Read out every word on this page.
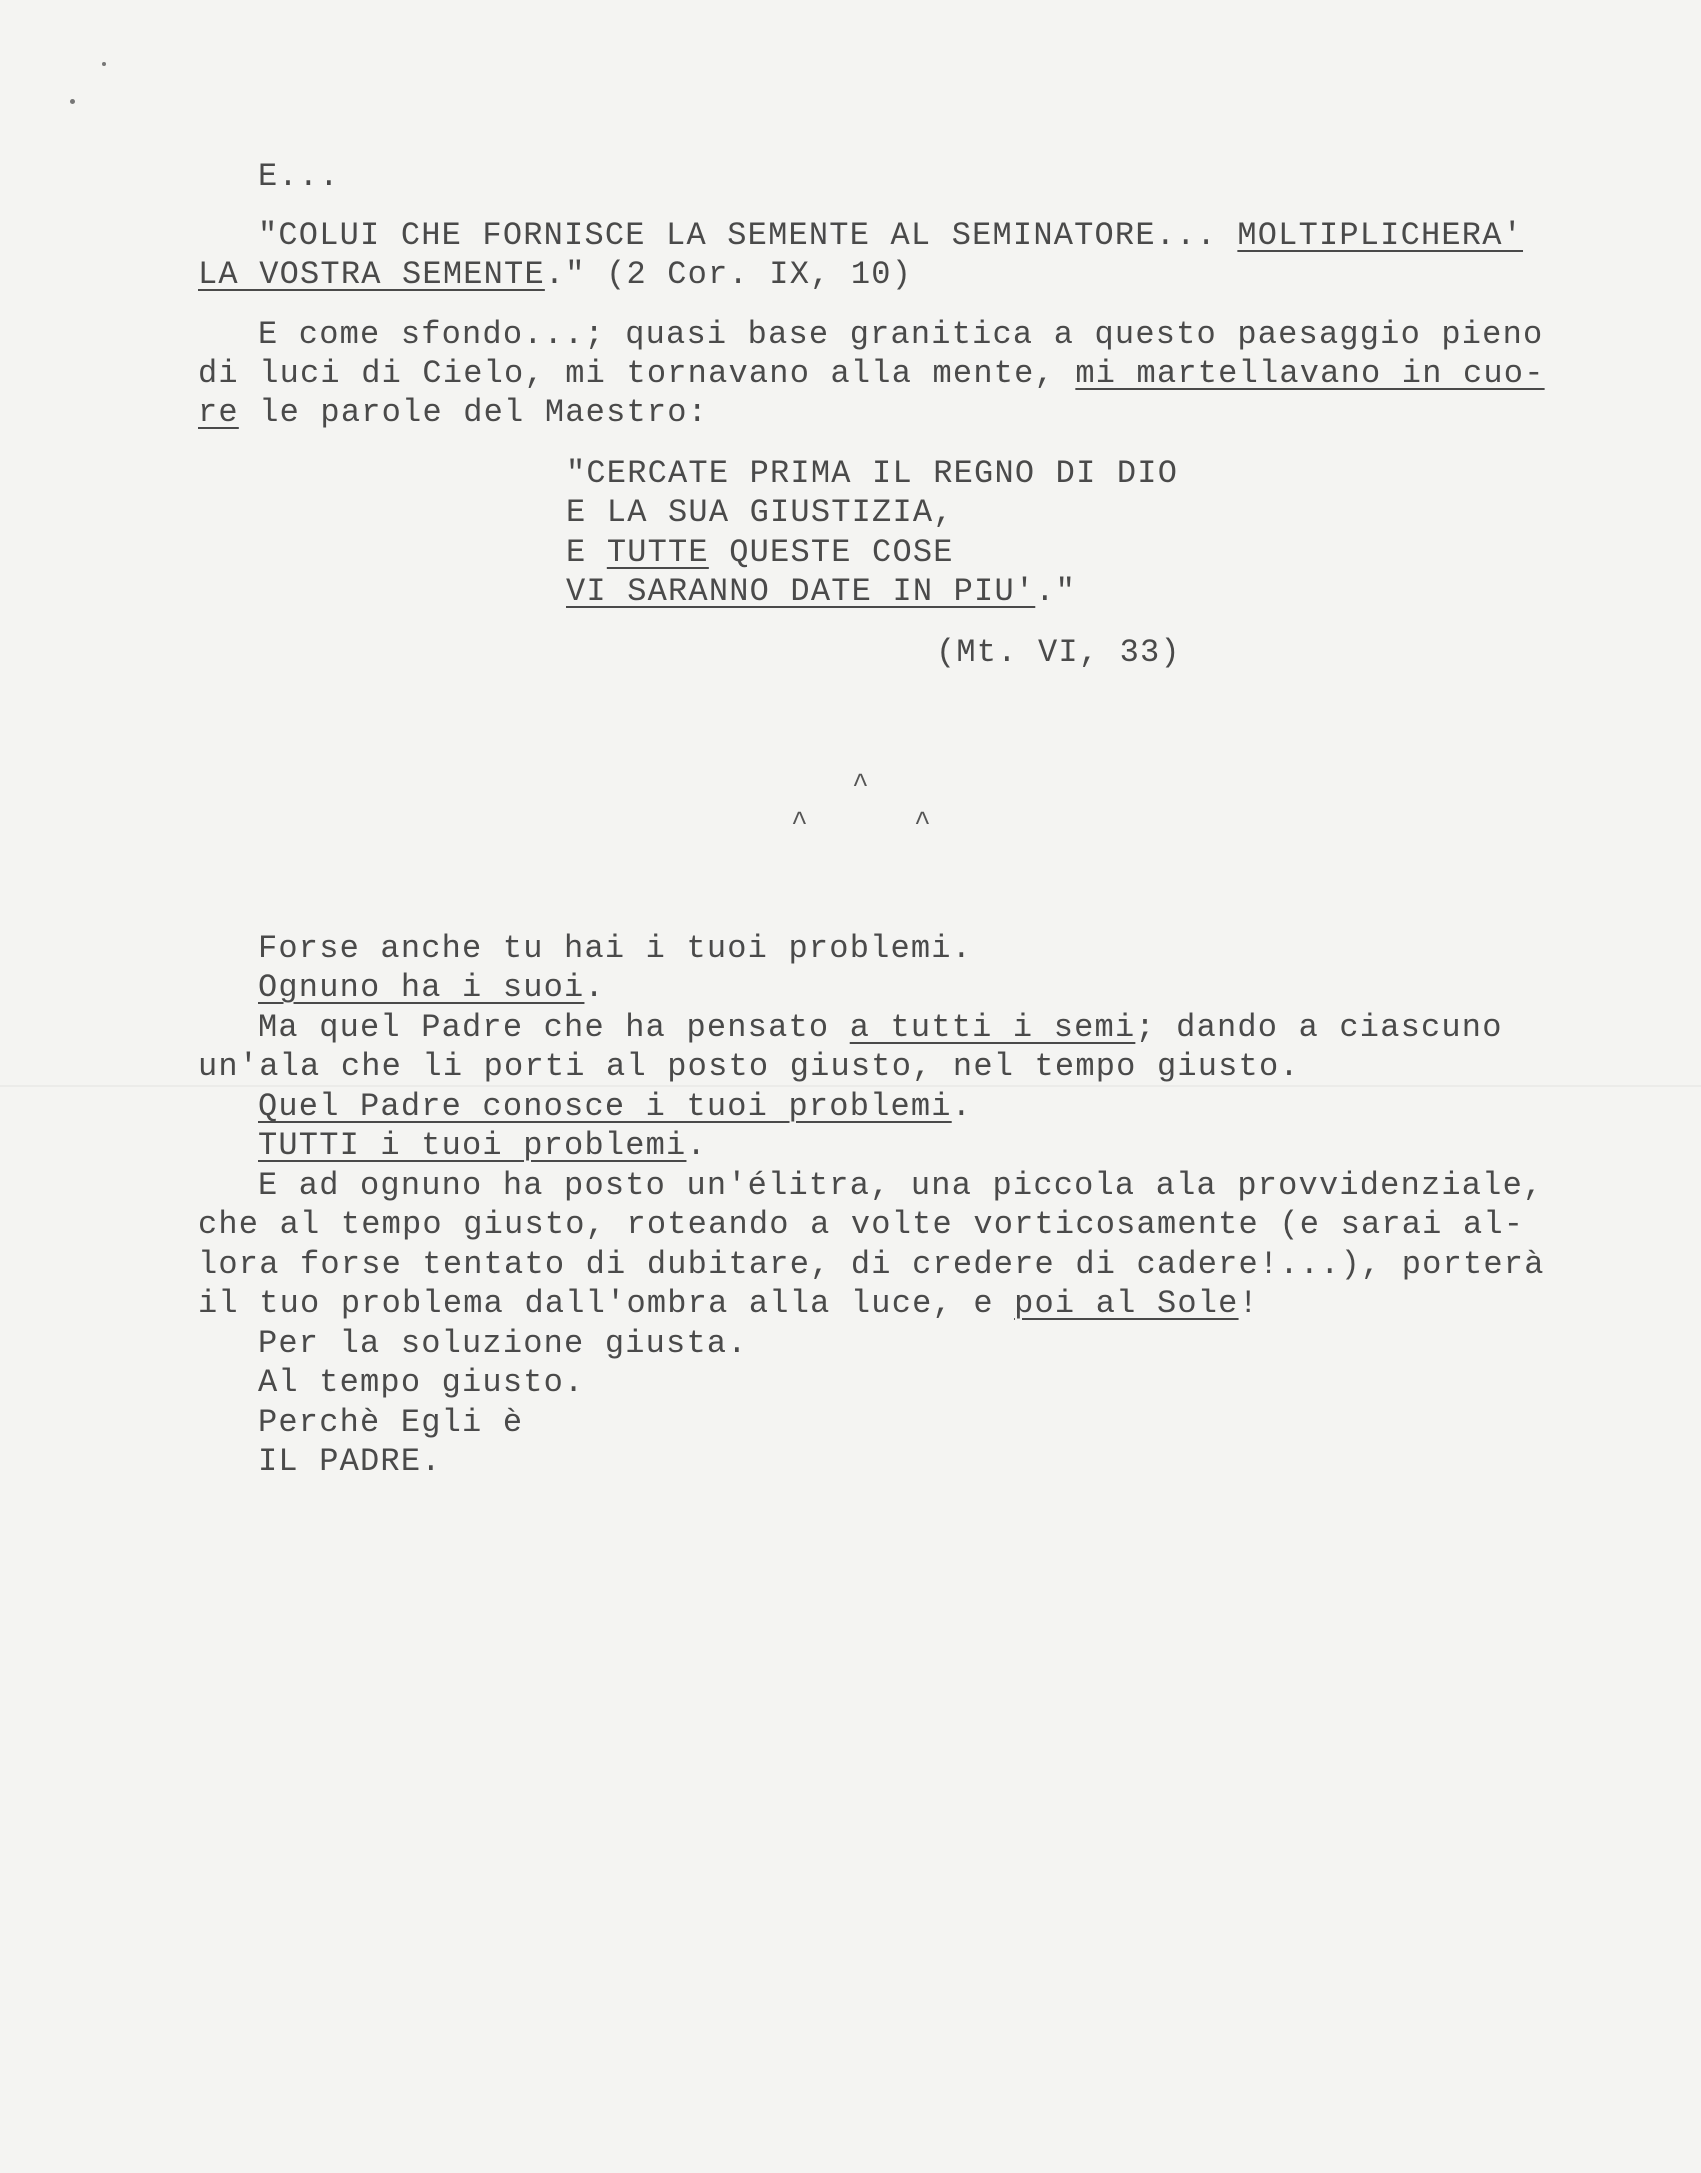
E...
"COLUI CHE FORNISCE LA SEMENTE AL SEMINATORE... MOLTIPLICHERA'
LA VOSTRA SEMENTE." (2 Cor. IX, 10)
E come sfondo...; quasi base granitica a questo paesaggio pieno
di luci di Cielo, mi tornavano alla mente, mi martellavano in cuo-
re le parole del Maestro:
"CERCATE PRIMA IL REGNO DI DIO
E LA SUA GIUSTIZIA,
E TUTTE QUESTE COSE
VI SARANNO DATE IN PIU'."
(Mt. VI, 33)
^
^	^
Forse anche tu hai i tuoi problemi.
Ognuno ha i suoi.
Ma quel Padre che ha pensato a tutti i semi; dando a ciascuno
un'ala che li porti al posto giusto, nel tempo giusto.
Quel Padre conosce i tuoi problemi.
TUTTI i tuoi problemi.
E ad ognuno ha posto un'élitra, una piccola ala provvidenziale,
che al tempo giusto, roteando a volte vorticosamente (e sarai al-
lora forse tentato di dubitare, di credere di cadere!...), porterà
il tuo problema dall'ombra alla luce, e poi al Sole!
Per la soluzione giusta.
Al tempo giusto.
Perchè Egli è
IL PADRE.
